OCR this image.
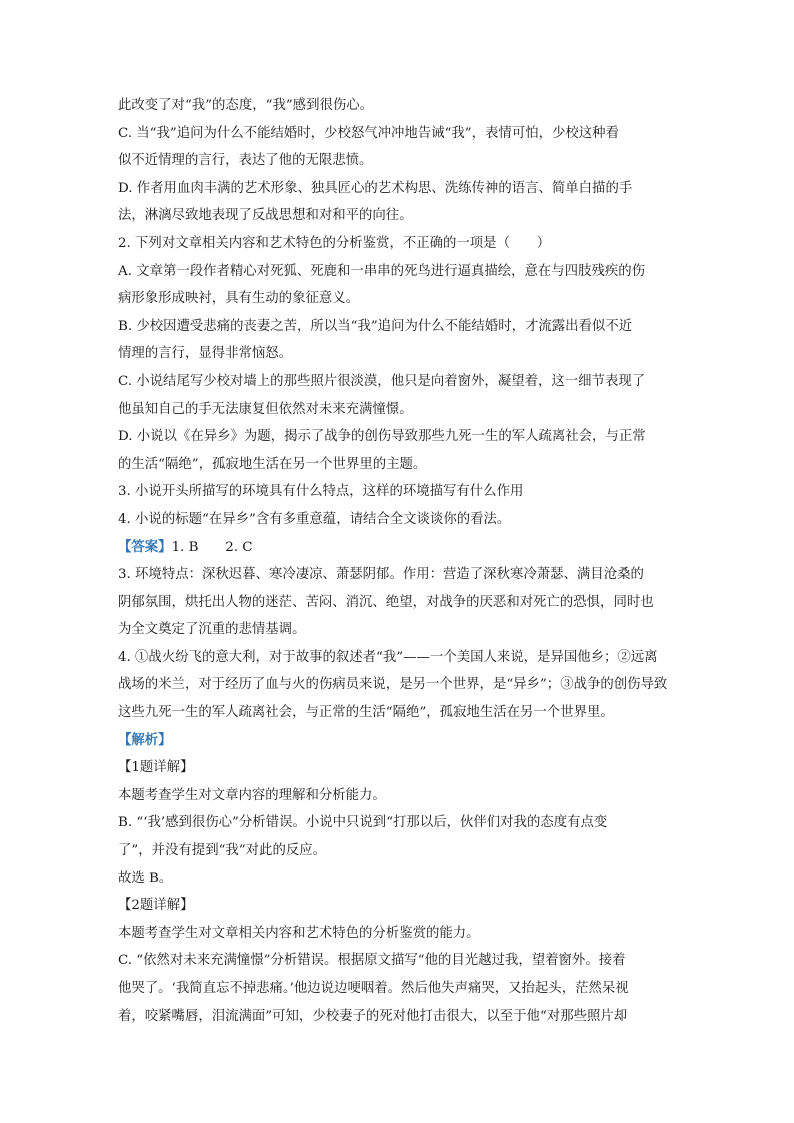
此改变了对“我”的态度，“我”感到很伤心。

C. 当“我”追问为什么不能结婚时，少校怒气冲冲地告诫“我”，表情可怕，少校这种看

似不近情理的言行，表达了他的无限悲愤。

D. 作者用血肉丰满的艺术形象、独具匠心的艺术构思、洗练传神的语言、简单白描的手

法，淋漓尽致地表现了反战思想和对和平的向往。

2. 下列对文章相关内容和艺术特色的分析鉴赏，不正确的一项是（　　）

A. 文章第一段作者精心对死狐、死鹿和一串串的死鸟进行逼真描绘，意在与四肢残疾的伤

病形象形成映衬，具有生动的象征意义。

B. 少校因遭受悲痛的丧妻之苦，所以当“我”追问为什么不能结婚时，才流露出看似不近

情理的言行，显得非常恼怒。

C. 小说结尾写少校对墙上的那些照片很淡漠，他只是向着窗外，凝望着，这一细节表现了

他虽知自己的手无法康复但依然对未来充满憧憬。

D. 小说以《在异乡》为题，揭示了战争的创伤导致那些九死一生的军人疏离社会，与正常

的生活“隔绝”，孤寂地生活在另一个世界里的主题。

3. 小说开头所描写的环境具有什么特点，这样的环境描写有什么作用

4. 小说的标题“在异乡”含有多重意蕴，请结合全文谈谈你的看法。

【答案】1. B　　2. C

3. 环境特点：深秋迟暮、寒冷凄凉、萧瑟阴郁。作用：营造了深秋寒冷萧瑟、满目沧桑的

阴郁氛围，烘托出人物的迷茫、苦闷、消沉、绝望，对战争的厌恶和对死亡的恐惧，同时也

为全文奠定了沉重的悲情基调。

4. ①战火纷飞的意大利，对于故事的叙述者“我”——一个美国人来说，是异国他乡；②远离

战场的米兰，对于经历了血与火的伤病员来说，是另一个世界，是“异乡”；③战争的创伤导致

这些九死一生的军人疏离社会，与正常的生活“隔绝”，孤寂地生活在另一个世界里。

【解析】

【1题详解】

本题考查学生对文章内容的理解和分析能力。

B. “‘我’感到很伤心”分析错误。小说中只说到“打那以后，伙伴们对我的态度有点变

了”，并没有提到“我”对此的反应。

故选 B。

【2题详解】

本题考查学生对文章相关内容和艺术特色的分析鉴赏的能力。

C. “依然对未来充满憧憬”分析错误。根据原文描写“他的目光越过我，望着窗外。接着

他哭了。‘我简直忘不掉悲痛。’他边说边哽咽着。然后他失声痛哭，又抬起头，茫然呆视

着，咬紧嘴唇，泪流满面”可知，少校妻子的死对他打击很大，以至于他“对那些照片却
